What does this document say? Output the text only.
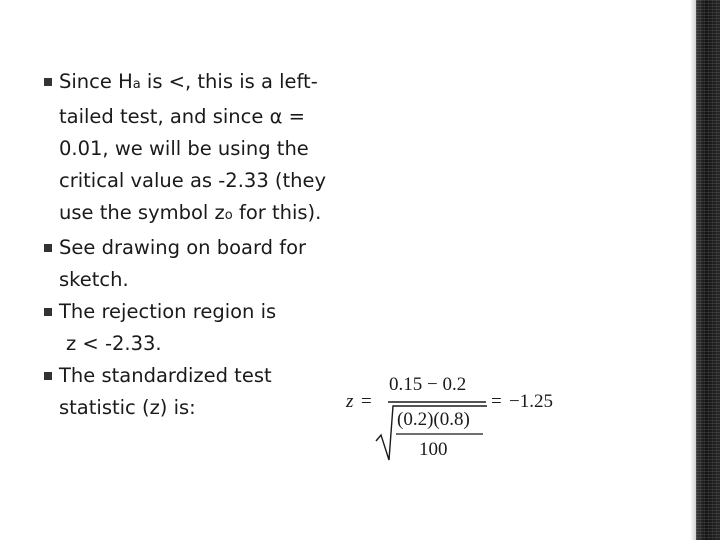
Since Ha is <, this is a left-
tailed test, and since α =
0.01, we will be using the
critical value as -2.33 (they
use the symbol zo for this).
See drawing on board for
sketch.
The rejection region is
z < -2.33.
The standardized test
statistic (z) is:	z =
0.15 − 0.2
(0.2)(0.8)
100
= −1.25
